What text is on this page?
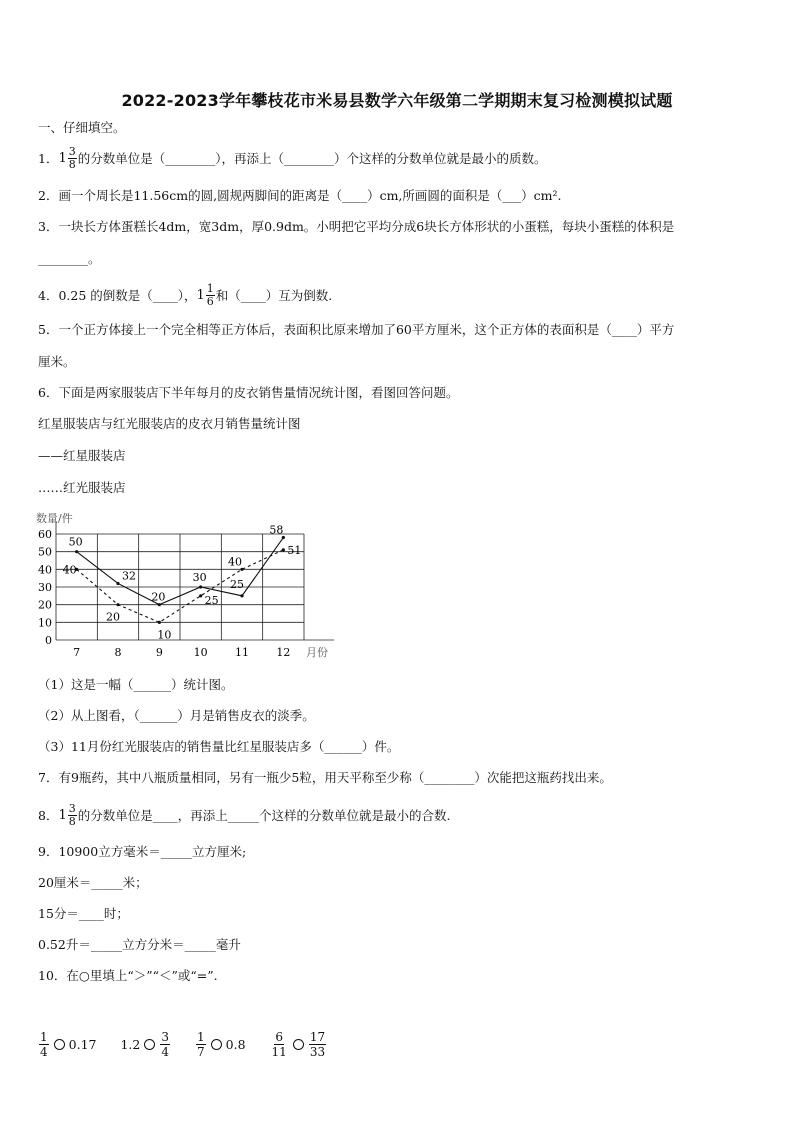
2022-2023学年攀枝花市米易县数学六年级第二学期期末复习检测模拟试题
一、仔细填空。
1． $1 \frac{3}{8}$ 的分数单位是（________），再添上（________）个这样的分数单位就是最小的质数。
2．画一个周长是11.56cm的圆,圆规两脚间的距离是（____）cm,所画圆的面积是（___）cm².
3．一块长方体蛋糕长4dm，宽3dm，厚0.9dm。小明把它平均分成6块长方体形状的小蛋糕，每块小蛋糕的体积是
________。
4．0.25 的倒数是（____）， $1 \frac{1}{6}$ 和（____）互为倒数.
5．一个正方体接上一个完全相等正方体后，表面积比原来增加了60平方厘米，这个正方体的表面积是（____）平方
厘米。
6．下面是两家服装店下半年每月的皮衣销售量情况统计图，看图回答问题。
红星服装店与红光服装店的皮衣月销售量统计图
——红星服装店
……红光服装店
0
10
20
30
40
50
60
数量/件
月份
7	8	9	10 11 12
50
32
20
30
25
58
40
20
10
25
40
51
（1）这是一幅（______）统计图。
（2）从上图看，（______）月是销售皮衣的淡季。
（3）11月份红光服装店的销售量比红星服装店多（______）件。
7．有9瓶药，其中八瓶质量相同，另有一瓶少5粒，用天平称至少称（________）次能把这瓶药找出来。
8． $1 \frac{3}{8}$ 的分数单位是____，再添上_____个这样的分数单位就是最小的合数.
9．10900立方毫米＝_____立方厘米;
20厘米＝_____米；
15分＝____时；
0.52升＝_____立方分米＝_____毫升
10．在○里填上“＞”“＜”或“=”.
$\frac{1}{4} 0.17$ $1.2 \frac{3}{4} \frac{1}{7} 0.8 \frac{6}{11} \frac{17}{33}$
